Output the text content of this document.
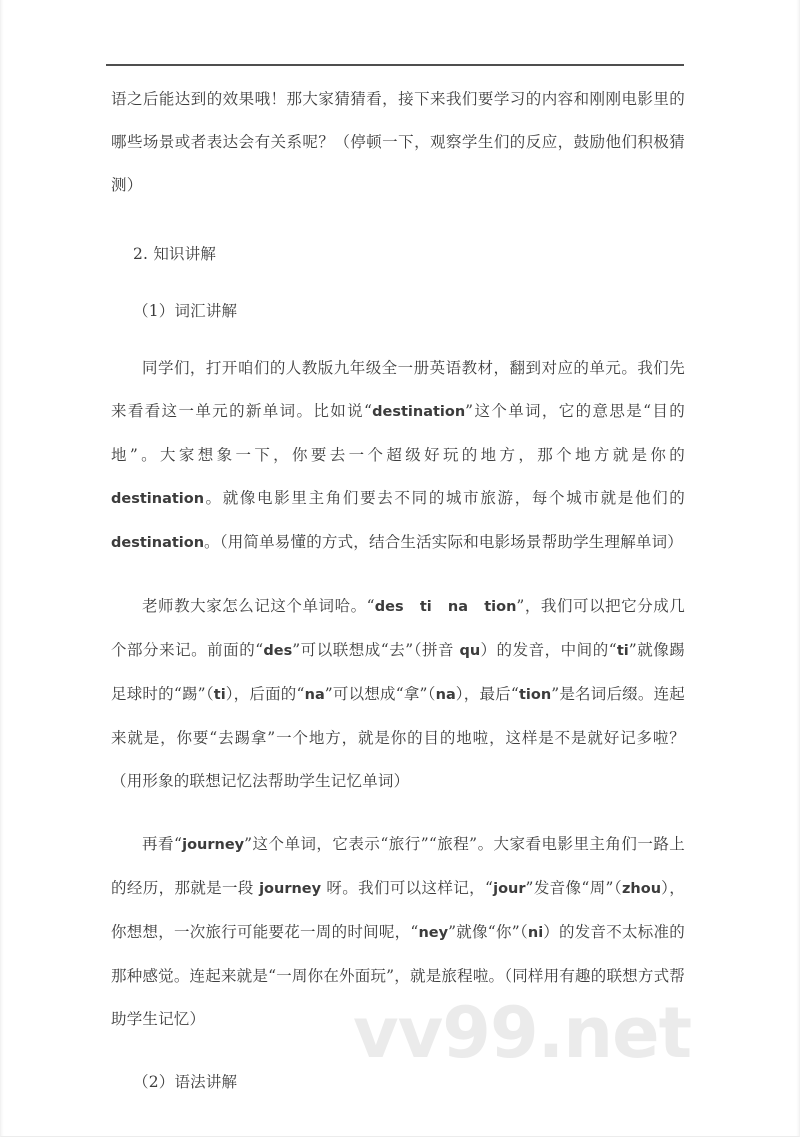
vv99.net

语之后能达到的效果哦！那大家猜猜看，接下来我们要学习的内容和刚刚电影里的哪些场景或者表达会有关系呢？（停顿一下，观察学生们的反应，鼓励他们积极猜测）

2. 知识讲解

（1）词汇讲解

同学们，打开咱们的人教版九年级全一册英语教材，翻到对应的单元。我们先来看看这一单元的新单词。比如说“destination”这个单词，它的意思是“目的地”。大家想象一下，你要去一个超级好玩的地方，那个地方就是你的 destination。就像电影里主角们要去不同的城市旅游，每个城市就是他们的 destination。（用简单易懂的方式，结合生活实际和电影场景帮助学生理解单词）

老师教大家怎么记这个单词哈。“des   ti   na   tion”，我们可以把它分成几个部分来记。前面的“des”可以联想成“去”（拼音 qu）的发音，中间的“ti”就像踢足球时的“踢”（ti），后面的“na”可以想成“拿”（na），最后“tion”是名词后缀。连起来就是，你要“去踢拿”一个地方，就是你的目的地啦，这样是不是就好记多啦？（用形象的联想记忆法帮助学生记忆单词）

再看“journey”这个单词，它表示“旅行”“旅程”。大家看电影里主角们一路上的经历，那就是一段 journey 呀。我们可以这样记，“jour”发音像“周”（zhou），你想想，一次旅行可能要花一周的时间呢，“ney”就像“你”（ni）的发音不太标准的那种感觉。连起来就是“一周你在外面玩”，就是旅程啦。（同样用有趣的联想方式帮助学生记忆）

（2）语法讲解
